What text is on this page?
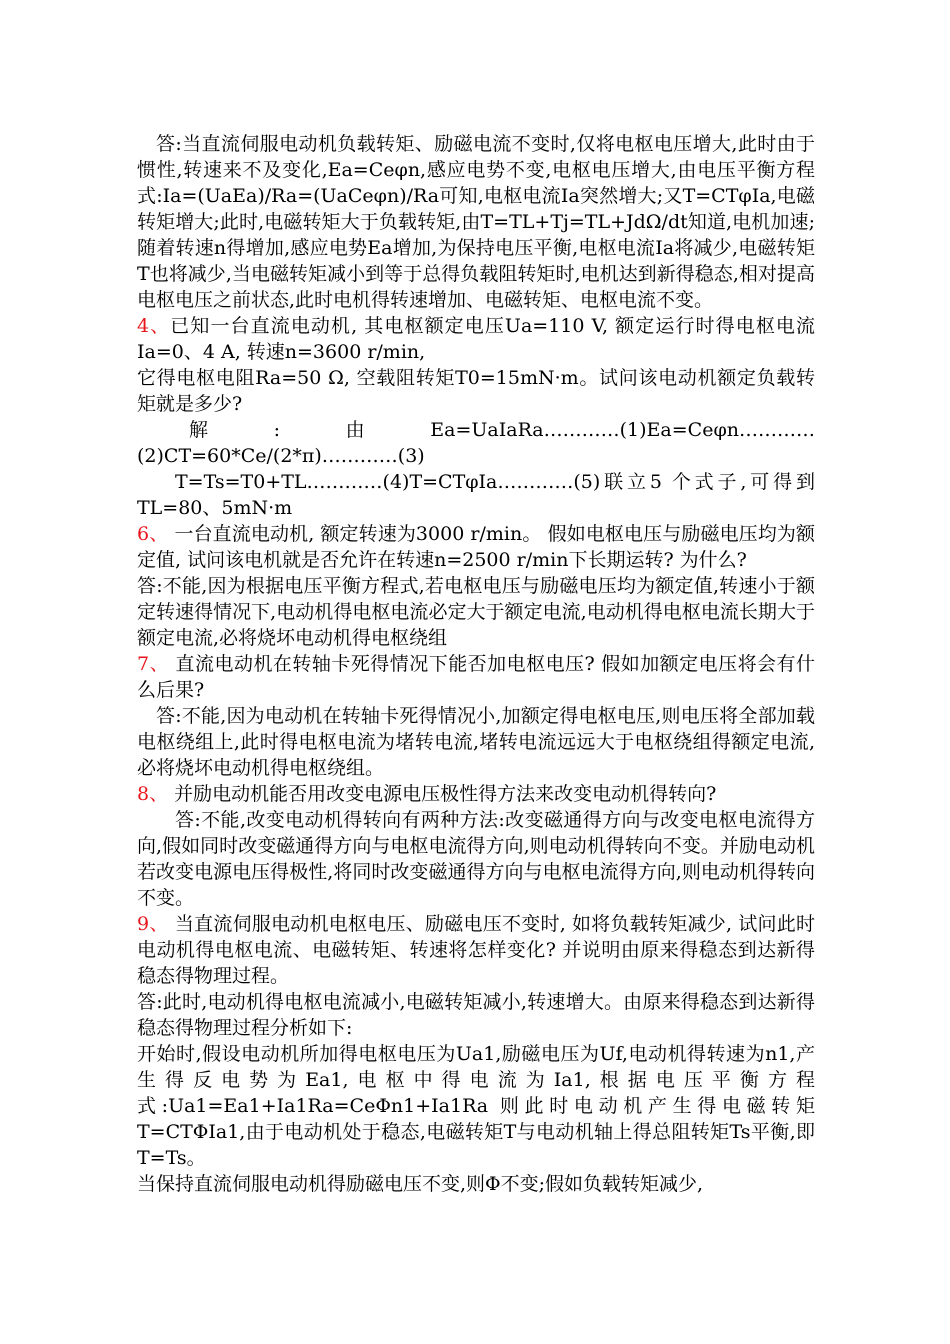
答:当直流伺服电动机负载转矩、励磁电流不变时,仅将电枢电压增大,此时由于惯性,转速来不及变化,Ea=Ceφn,感应电势不变,电枢电压增大,由电压平衡方程式:Ia=(UaEa)/Ra=(UaCeφn)/Ra可知,电枢电流Ia突然增大;又T=CTφIa,电磁转矩增大;此时,电磁转矩大于负载转矩,由T=TL+Tj=TL+JdΩ/dt知道,电机加速;随着转速n得增加,感应电势Ea增加,为保持电压平衡,电枢电流Ia将减少,电磁转矩T也将减少,当电磁转矩减小到等于总得负载阻转矩时,电机达到新得稳态,相对提高电枢电压之前状态,此时电机得转速增加、电磁转矩、电枢电流不变。

4、已知一台直流电动机, 其电枢额定电压Ua=110 V, 额定运行时得电枢电流Ia=0、4 A, 转速n=3600 r/min,

它得电枢电阻Ra=50 Ω, 空载阻转矩T0=15mN·m。试问该电动机额定负载转矩就是多少?

解:由Ea=UaIaRa…………(1)Ea=Ceφn…………(2)CT=60*Ce/(2*π)…………(3)

T=Ts=T0+TL…………(4)T=CTφIa…………(5)联立5 个式子,可得到TL=80、5mN·m

6、 一台直流电动机, 额定转速为3000 r/min。 假如电枢电压与励磁电压均为额定值, 试问该电机就是否允许在转速n=2500 r/min下长期运转? 为什么?

答:不能,因为根据电压平衡方程式,若电枢电压与励磁电压均为额定值,转速小于额定转速得情况下,电动机得电枢电流必定大于额定电流,电动机得电枢电流长期大于额定电流,必将烧坏电动机得电枢绕组

7、 直流电动机在转轴卡死得情况下能否加电枢电压? 假如加额定电压将会有什么后果?

答:不能,因为电动机在转轴卡死得情况小,加额定得电枢电压,则电压将全部加载电枢绕组上,此时得电枢电流为堵转电流,堵转电流远远大于电枢绕组得额定电流,必将烧坏电动机得电枢绕组。

8、 并励电动机能否用改变电源电压极性得方法来改变电动机得转向?

答:不能,改变电动机得转向有两种方法:改变磁通得方向与改变电枢电流得方向,假如同时改变磁通得方向与电枢电流得方向,则电动机得转向不变。并励电动机若改变电源电压得极性,将同时改变磁通得方向与电枢电流得方向,则电动机得转向不变。

9、 当直流伺服电动机电枢电压、励磁电压不变时, 如将负载转矩减少, 试问此时电动机得电枢电流、电磁转矩、转速将怎样变化? 并说明由原来得稳态到达新得稳态得物理过程。

答:此时,电动机得电枢电流减小,电磁转矩减小,转速增大。由原来得稳态到达新得稳态得物理过程分析如下:

开始时,假设电动机所加得电枢电压为Ua1,励磁电压为Uf,电动机得转速为n1,产生得反电势为Ea1,电枢中得电流为Ia1,根据电压平衡方程式:Ua1=Ea1+Ia1Ra=CeΦn1+Ia1Ra 则此时电动机产生得电磁转矩T=CTΦIa1,由于电动机处于稳态,电磁转矩T与电动机轴上得总阻转矩Ts平衡,即T=Ts。

当保持直流伺服电动机得励磁电压不变,则Φ不变;假如负载转矩减少,
